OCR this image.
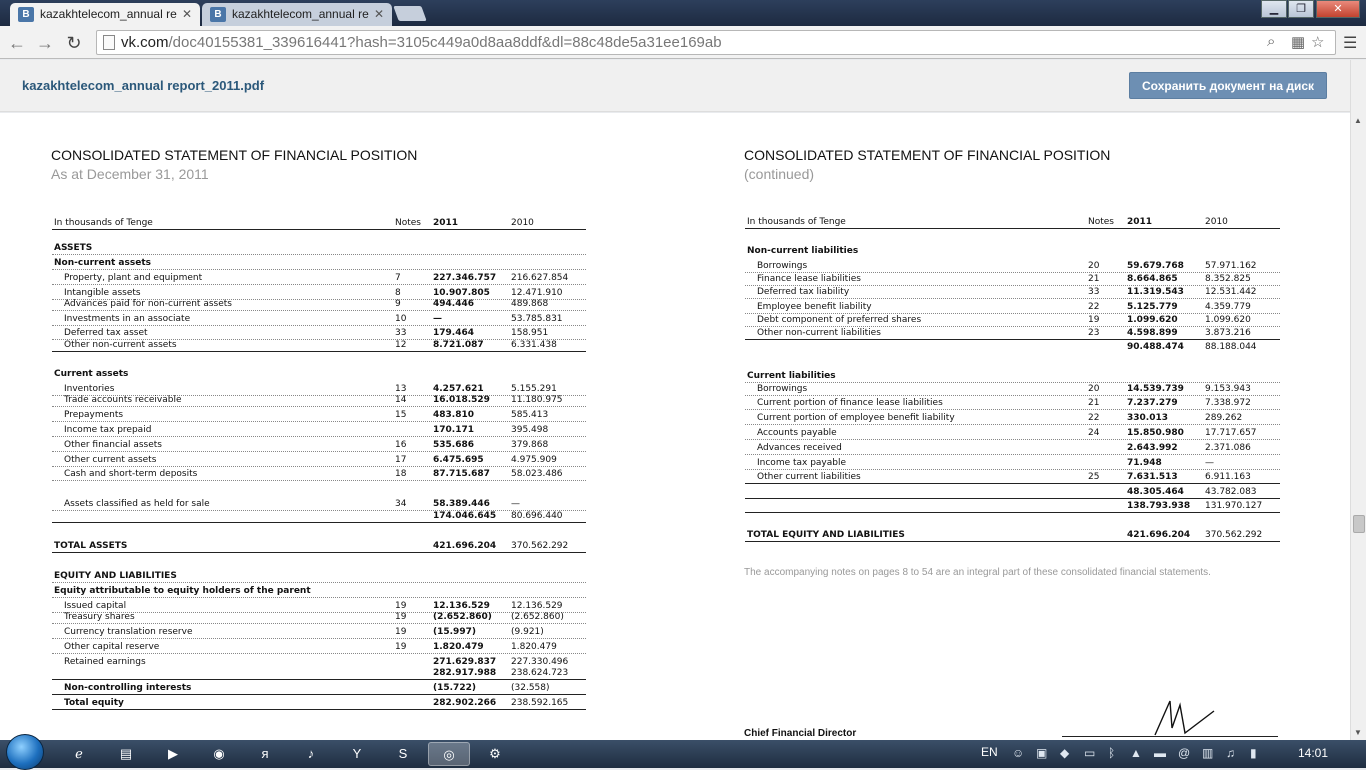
B kazakhtelecom_annual re ✕	B kazakhtelecom_annual re ✕	▁	❐	✕
← → ↻	vk.com/doc40155381_339616441?hash=3105c449a0d8aa8ddf&dl=88c48de5a31ee169ab	⌕ ▦ ☆ ☰
kazakhtelecom_annual report_2011.pdf	Сохранить документ на диск
CONSOLIDATED STATEMENT OF FINANCIAL POSITION
As at December 31, 2011
In thousands of Tenge	Notes 2011	2010
ASSETS
Non-current assets
Property, plant and equipment	7	227.346.757 216.627.854
Intangible assets	8	10.907.805 12.471.910
Advances paid for non-current assets	9	494.446	489.868
Investments in an associate	10	—	53.785.831
Deferred tax asset	33	179.464	158.951
Other non-current assets	12	8.721.087	6.331.438
Current assets
Inventories	13	4.257.621	5.155.291
Trade accounts receivable	14	16.018.529 11.180.975
Prepayments	15	483.810	585.413
Income tax prepaid	170.171	395.498
Other financial assets	16	535.686	379.868
Other current assets	17	6.475.695	4.975.909
Cash and short-term deposits	18	87.715.687 58.023.486
Assets classified as held for sale	34	58.389.446 —
174.046.645 80.696.440
TOTAL ASSETS	421.696.204 370.562.292
EQUITY AND LIABILITIES
Equity attributable to equity holders of the parent
Issued capital	19	12.136.529 12.136.529
Treasury shares	19	(2.652.860) (2.652.860)
Currency translation reserve	19	(15.997)	(9.921)
Other capital reserve	19	1.820.479	1.820.479
Retained earnings	271.629.837 227.330.496
282.917.988 238.624.723
Non-controlling interests	(15.722)	(32.558)
Total equity	282.902.266 238.592.165
CONSOLIDATED STATEMENT OF FINANCIAL POSITION
(continued)
In thousands of Tenge	Notes 2011	2010
Non-current liabilities
Borrowings	20	59.679.768 57.971.162
Finance lease liabilities	21	8.664.865	8.352.825
Deferred tax liability	33	11.319.543 12.531.442
Employee benefit liability	22	5.125.779	4.359.779
Debt component of preferred shares	19	1.099.620	1.099.620
Other non-current liabilities	23	4.598.899	3.873.216
90.488.474 88.188.044
Current liabilities
Borrowings	20	14.539.739 9.153.943
Current portion of finance lease liabilities	21	7.237.279	7.338.972
Current portion of employee benefit liability	22	330.013	289.262
Accounts payable	24	15.850.980 17.717.657
Advances received	2.643.992	2.371.086
Income tax payable	71.948	—
Other current liabilities	25	7.631.513	6.911.163
48.305.464 43.782.083
138.793.938 131.970.127
TOTAL EQUITY AND LIABILITIES	421.696.204 370.562.292
The accompanying notes on pages 8 to 54 are an integral part of these consolidated financial statements.
Chief Financial Director
▲
▼
ℯ	▤	▶	◉	я	♪	Y	S	◎	⚙	EN ☺ ▣ ◆ ▭ ᛒ ▲ ▬ @ ▥ ♫ ▮	14:01
